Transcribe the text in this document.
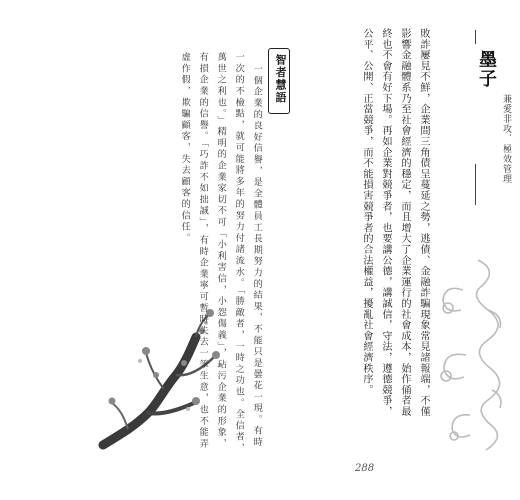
墨子
兼愛非攻．極效管理
敗詐屢見不鮮，企業間三角債呈蔓延之勢，逃債、金融詐騙現象常見諸報端，不僅
影響金融體系乃至社會經濟的穩定，而且增大了企業運行的社會成本，始作俑者最
終也不會有好下場。再如企業對競爭者，也要講公德，講誠信，守法，遵德競爭，
公平、公開、正當競爭，而不能損害競爭者的合法權益，擾亂社會經濟秩序。
智者慧語
一個企業的良好信譽，是全體員工長期努力的結果，不能只是曇花一現。有時
一次的不檢點，就可能將多年的努力付諸流水。「勝敵者，一時之功也。全信者，
萬世之利也。」精明的企業家切不可「小利害信，小怨傷義」，玷污企業的形象，
有損企業的信譽。「巧詐不如拙誠」，有時企業寧可暫時失去一筆生意，也不能弄
虛作假，欺騙顧客，失去顧客的信任。
288
